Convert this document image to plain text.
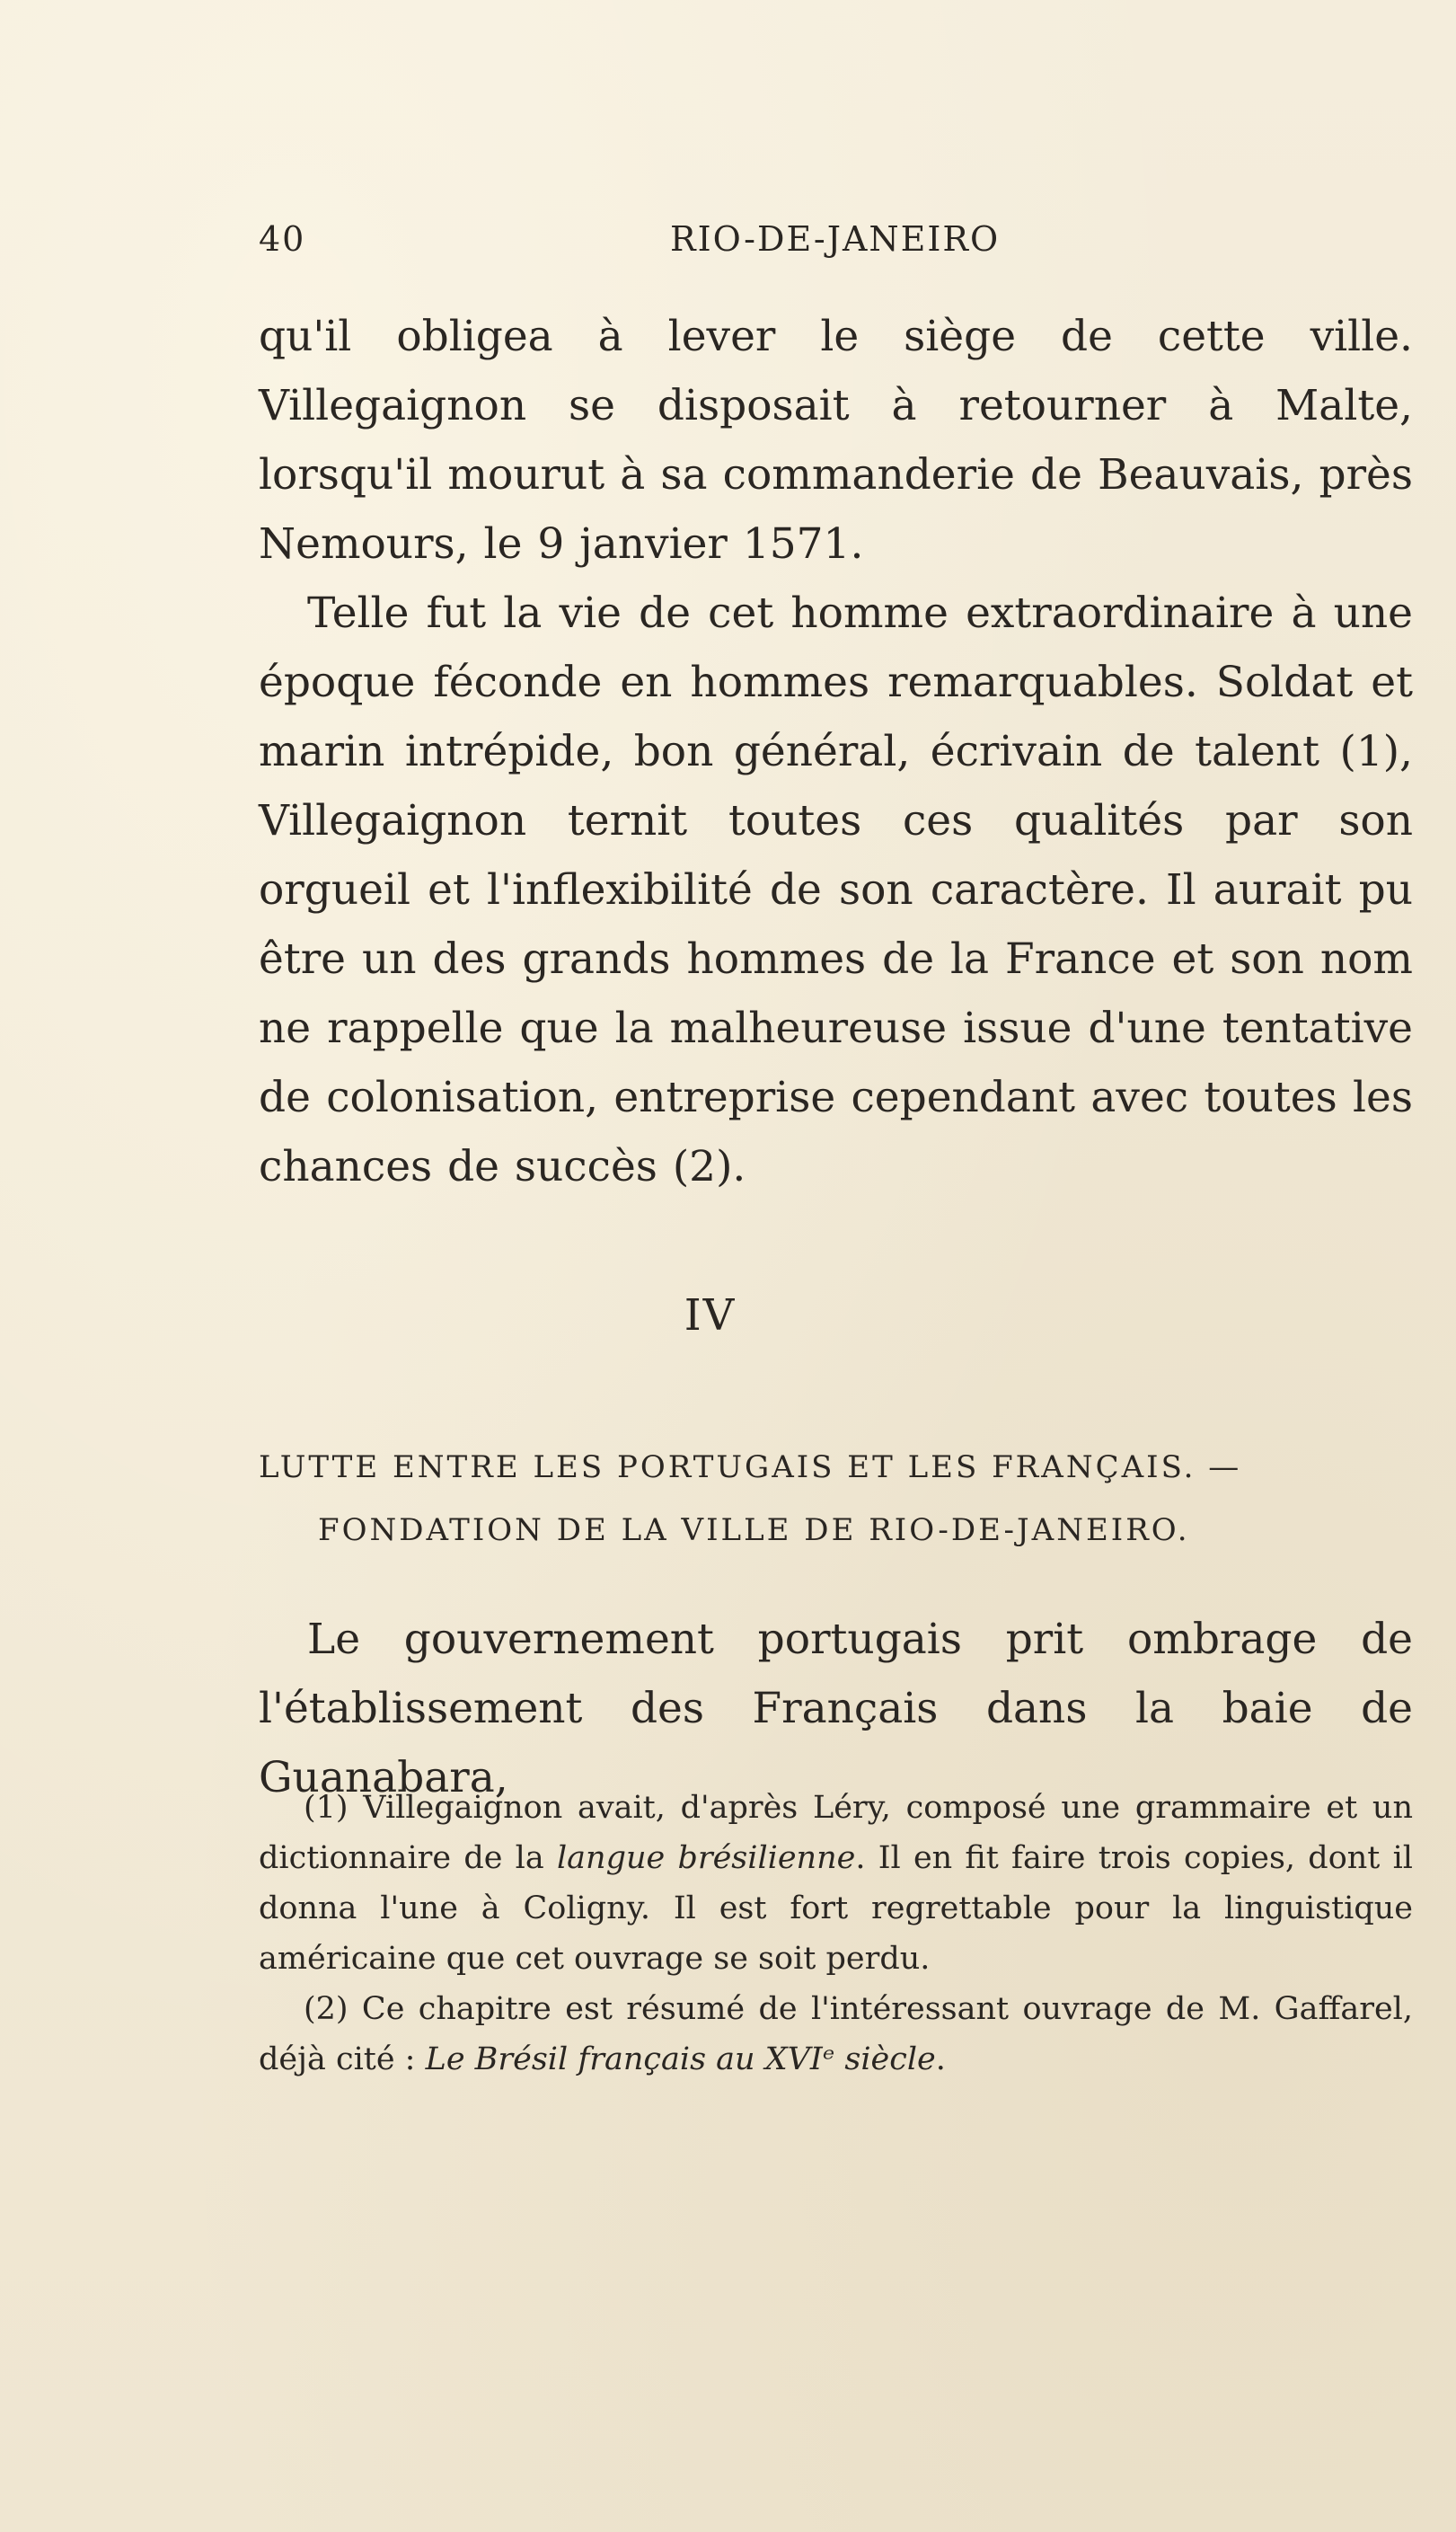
40	RIO-DE-JANEIRO

qu'il obligea à lever le siège de cette ville. Villegaignon se disposait à retourner à Malte, lorsqu'il mourut à sa commanderie de Beauvais, près Nemours, le 9 janvier 1571.

Telle fut la vie de cet homme extraordinaire à une époque féconde en hommes remarquables. Soldat et marin intrépide, bon général, écrivain de talent (1), Villegaignon ternit toutes ces qualités par son orgueil et l'inflexibilité de son caractère. Il aurait pu être un des grands hommes de la France et son nom ne rappelle que la malheureuse issue d'une tentative de colonisation, entreprise cependant avec toutes les chances de succès (2).

IV
LUTTE ENTRE LES PORTUGAIS ET LES FRANÇAIS. —
FONDATION DE LA VILLE DE RIO-DE-JANEIRO.

Le gouvernement portugais prit ombrage de l'établissement des Français dans la baie de Guanabara,

(1) Villegaignon avait, d'après Léry, composé une grammaire et un dictionnaire de la langue brésilienne. Il en fit faire trois copies, dont il donna l'une à Coligny. Il est fort regrettable pour la linguistique américaine que cet ouvrage se soit perdu.

(2) Ce chapitre est résumé de l'intéressant ouvrage de M. Gaffarel, déjà cité : Le Brésil français au XVIᵉ siècle.
